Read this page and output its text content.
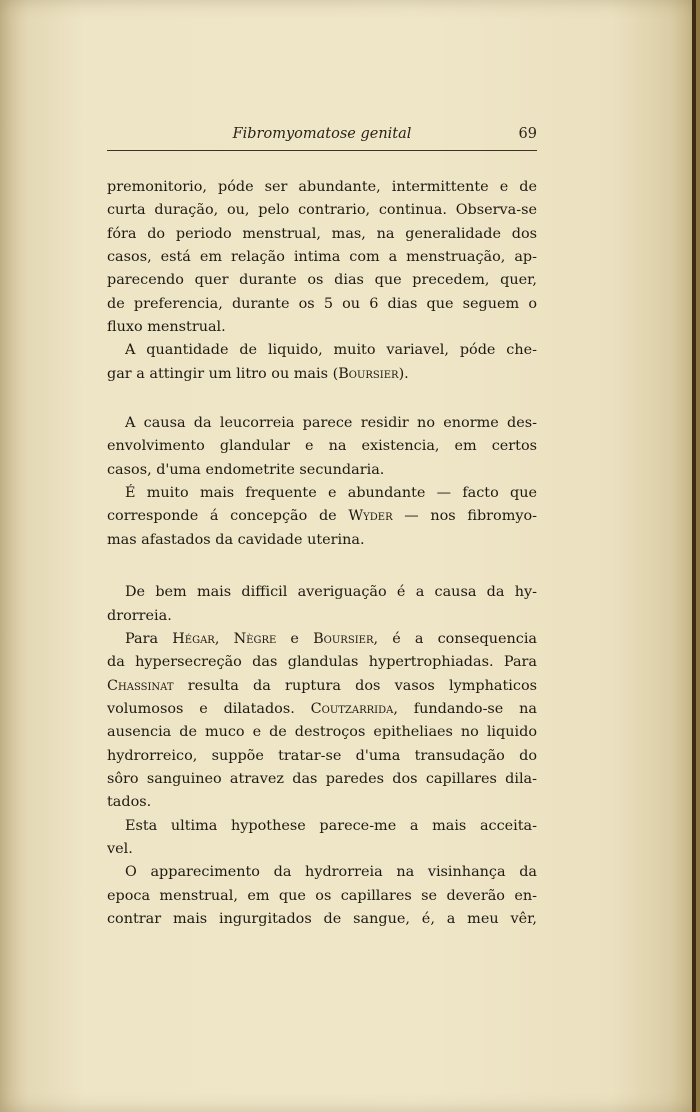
Fibromyomatose genital	69
premonitorio, póde ser abundante, intermittente e de
curta duração, ou, pelo contrario, continua. Observa-se
fóra do periodo menstrual, mas, na generalidade dos
casos, está em relação intima com a menstruação, ap-
parecendo quer durante os dias que precedem, quer,
de preferencia, durante os 5 ou 6 dias que seguem o
fluxo menstrual.
A quantidade de liquido, muito variavel, póde che-
gar a attingir um litro ou mais (Boursier).
A causa da leucorreia parece residir no enorme des-
envolvimento glandular e na existencia, em certos
casos, d'uma endometrite secundaria.
É muito mais frequente e abundante — facto que
corresponde á concepção de Wyder — nos fibromyo-
mas afastados da cavidade uterina.
De bem mais difficil averiguação é a causa da hy-
drorreia.
Para Hégar, Nègre e Boursier, é a consequencia
da hypersecreção das glandulas hypertrophiadas. Para
Chassinat resulta da ruptura dos vasos lymphaticos
volumosos e dilatados. Coutzarrida, fundando-se na
ausencia de muco e de destroços epitheliaes no liquido
hydrorreico, suppõe tratar-se d'uma transudação do
sôro sanguineo atravez das paredes dos capillares dila-
tados.
Esta ultima hypothese parece-me a mais acceita-
vel.
O apparecimento da hydrorreia na visinhança da
epoca menstrual, em que os capillares se deverão en-
contrar mais ingurgitados de sangue, é, a meu vêr,
